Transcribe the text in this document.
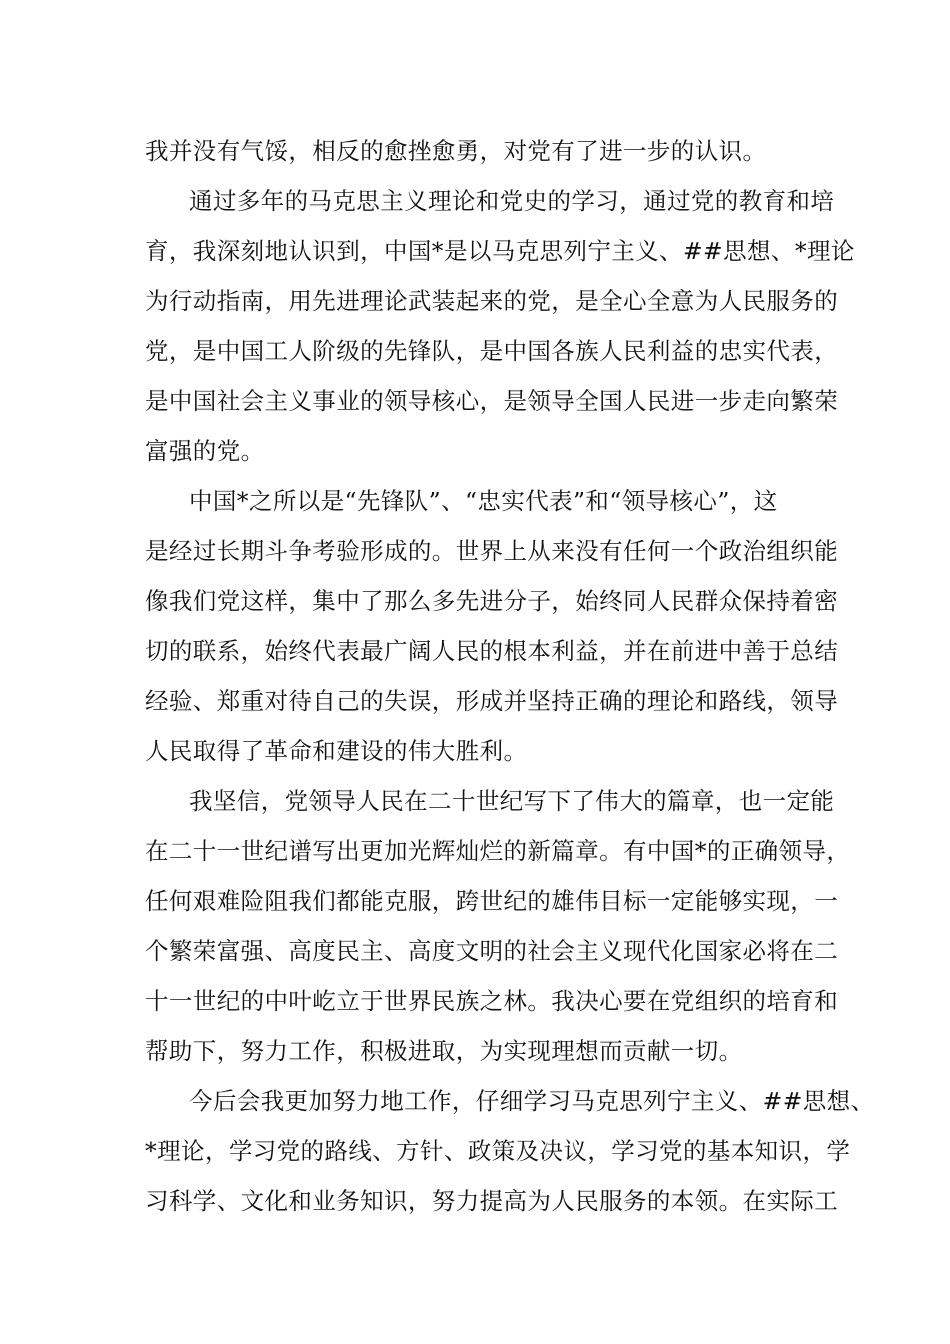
我并没有气馁，相反的愈挫愈勇，对党有了进一步的认识。
通过多年的马克思主义理论和党史的学习，通过党的教育和培
育，我深刻地认识到，中国*是以马克思列宁主义、##思想、*理论
为行动指南，用先进理论武装起来的党，是全心全意为人民服务的
党，是中国工人阶级的先锋队，是中国各族人民利益的忠实代表，
是中国社会主义事业的领导核心，是领导全国人民进一步走向繁荣
富强的党。
中国*之所以是“先锋队”、“忠实代表”和“领导核心”，这
是经过长期斗争考验形成的。世界上从来没有任何一个政治组织能
像我们党这样，集中了那么多先进分子，始终同人民群众保持着密
切的联系，始终代表最广阔人民的根本利益，并在前进中善于总结
经验、郑重对待自己的失误，形成并坚持正确的理论和路线，领导
人民取得了革命和建设的伟大胜利。
我坚信，党领导人民在二十世纪写下了伟大的篇章，也一定能
在二十一世纪谱写出更加光辉灿烂的新篇章。有中国*的正确领导，
任何艰难险阻我们都能克服，跨世纪的雄伟目标一定能够实现，一
个繁荣富强、高度民主、高度文明的社会主义现代化国家必将在二
十一世纪的中叶屹立于世界民族之林。我决心要在党组织的培育和
帮助下，努力工作，积极进取，为实现理想而贡献一切。
今后会我更加努力地工作，仔细学习马克思列宁主义、##思想、
*理论，学习党的路线、方针、政策及决议，学习党的基本知识，学
习科学、文化和业务知识，努力提高为人民服务的本领。在实际工
